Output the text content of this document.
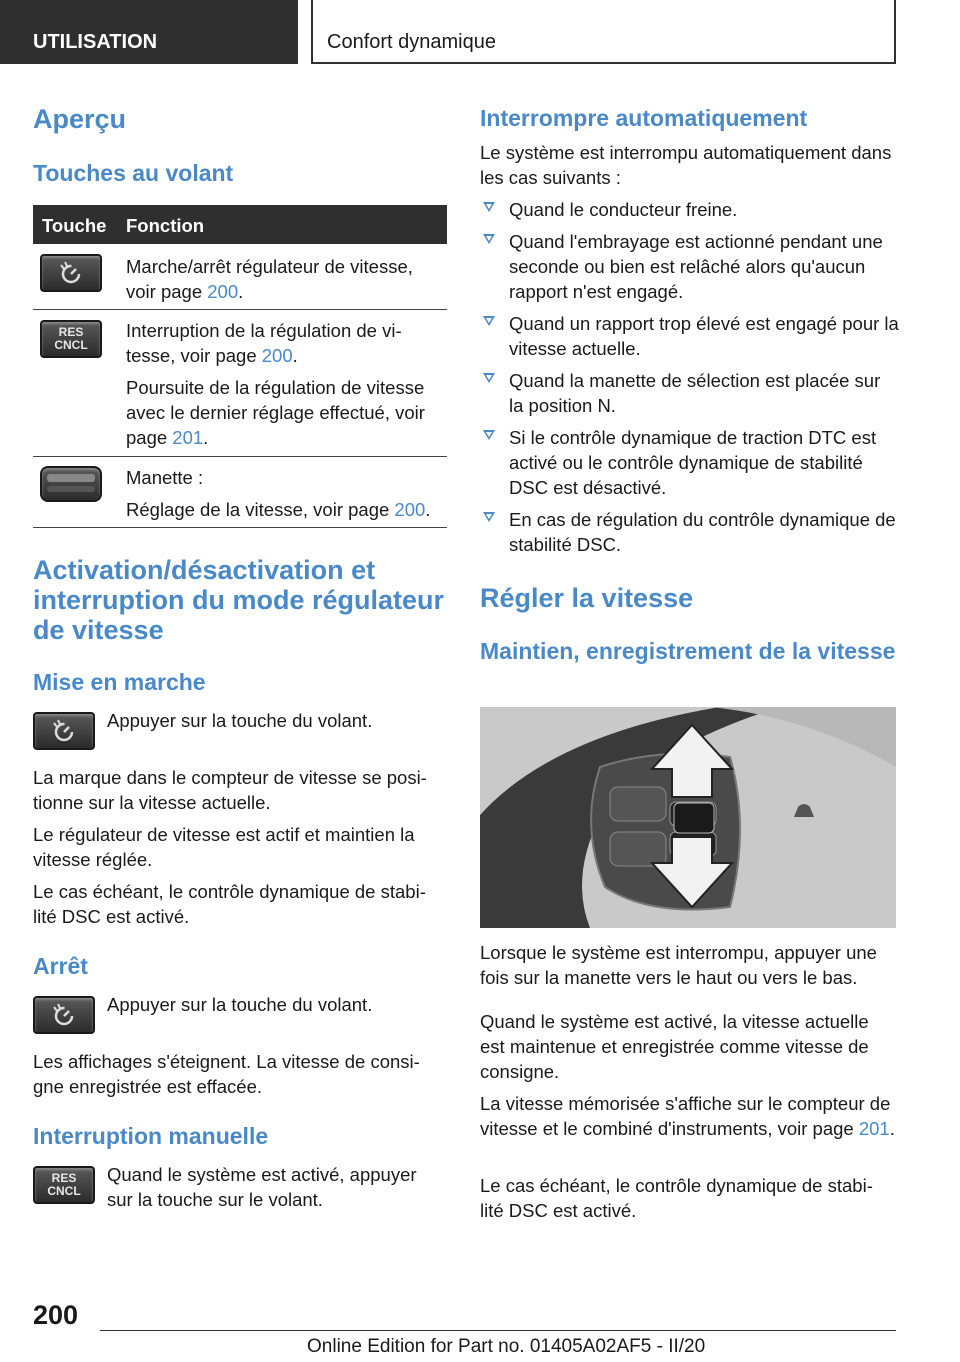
UTILISATION	Confort dynamique
Aperçu
Touches au volant
Touche Fonction
Marche/arrêt régulateur de vitesse, voir page 200.
RES
CNCL
Interruption de la régulation de vi‐tesse, voir page 200.
Poursuite de la régulation de vitesse avec le dernier réglage effectué, voir page 201.
Manette :
Réglage de la vitesse, voir page 200.
Activation/désactivation et interruption du mode régulateur de vitesse
Mise en marche
Appuyer sur la touche du volant.
La marque dans le compteur de vitesse se posi‐tionne sur la vitesse actuelle.
Le régulateur de vitesse est actif et maintien la vitesse réglée.
Le cas échéant, le contrôle dynamique de stabi‐lité DSC est activé.
Arrêt
Appuyer sur la touche du volant.
Les affichages s'éteignent. La vitesse de consi‐gne enregistrée est effacée.
Interruption manuelle
RES
CNCL
Quand le système est activé, appuyer sur la touche sur le volant.
Interrompre automatiquement
Le système est interrompu automatiquement dans les cas suivants :
Quand le conducteur freine.
Quand l'embrayage est actionné pendant une seconde ou bien est relâché alors qu'aucun rapport n'est engagé.
Quand un rapport trop élevé est engagé pour la vitesse actuelle.
Quand la manette de sélection est placée sur la position N.
Si le contrôle dynamique de traction DTC est activé ou le contrôle dynamique de stabilité DSC est désactivé.
En cas de régulation du contrôle dynamique de stabilité DSC.
Régler la vitesse
Maintien, enregistrement de la vitesse
Lorsque le système est interrompu, appuyer une fois sur la manette vers le haut ou vers le bas.
Quand le système est activé, la vitesse actuelle est maintenue et enregistrée comme vitesse de consigne.
La vitesse mémorisée s'affiche sur le compteur de vitesse et le combiné d'instruments, voir page 201.
Le cas échéant, le contrôle dynamique de stabi‐lité DSC est activé.
200
Online Edition for Part no. 01405A02AF5 - II/20
